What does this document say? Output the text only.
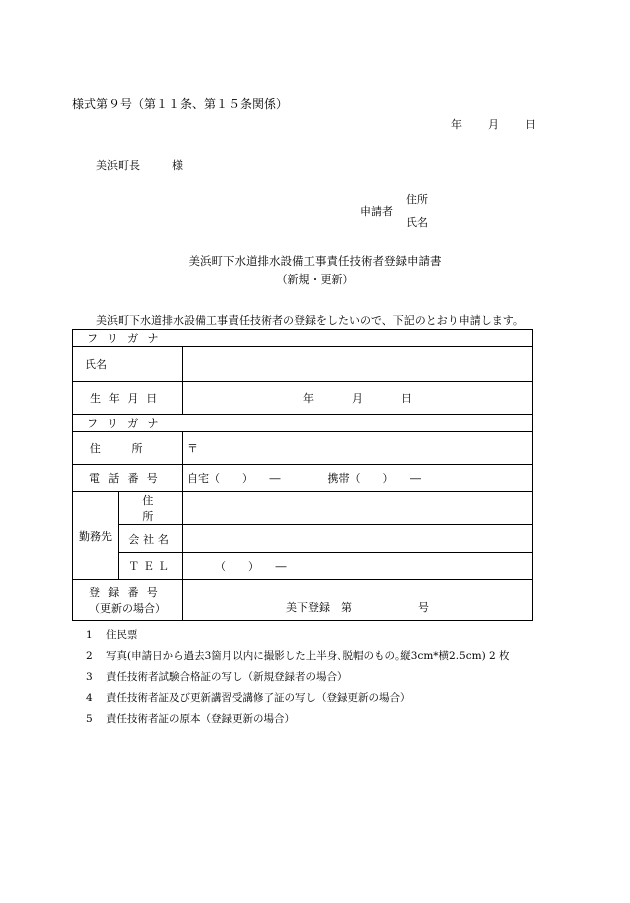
様式第９号（第１１条、第１５条関係）
年 月 日
美浜町長	様
申請者
住所
氏名
美浜町下水道排水設備工事責任技術者登録申請書
（新規・更新）
美浜町下水道排水設備工事責任技術者の登録をしたいので、下記のとおり申請します。
フリガナ		

氏名		

生年月日		年 月 日

フリガナ		
住所		〒
電話番号		自宅（　　）　　― 携帯（　　）　　―
勤務先	住所	
	会社名	
	ＴＥＬ	（　　）　　―

登録番号
（更新の場合）		美下登録　第　　　　　　号
1	住民票
2	写真(申請日から過去3箇月以内に撮影した上半身､脱帽のもの｡縦3cm*横2.5cm) 2 枚
3	責任技術者試験合格証の写し（新規登録者の場合）
4	責任技術者証及び更新講習受講修了証の写し（登録更新の場合）
5	責任技術者証の原本（登録更新の場合）
